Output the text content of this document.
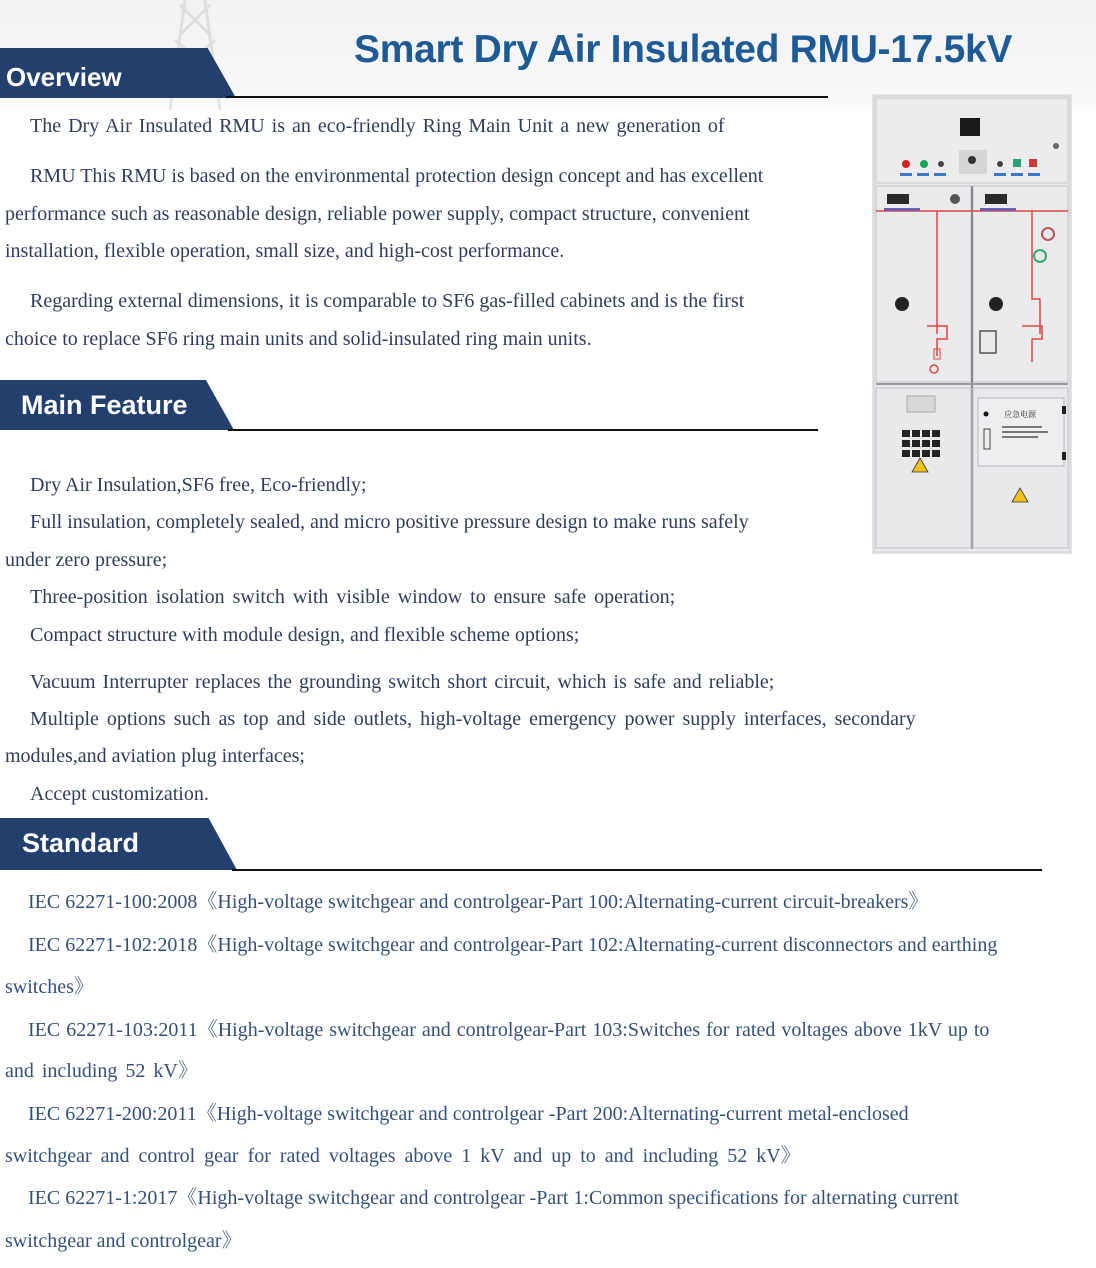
Smart Dry Air Insulated RMU-17.5kV
Overview
The Dry Air Insulated RMU is an eco-friendly Ring Main Unit a new generation of
RMU This RMU is based on the environmental protection design concept and has excellent
performance such as reasonable design, reliable power supply, compact structure, convenient
installation, flexible operation, small size, and high-cost performance.
Regarding external dimensions, it is comparable to SF6 gas-filled cabinets and is the first
choice to replace SF6 ring main units and solid-insulated ring main units.
Main Feature
Dry Air Insulation,SF6 free, Eco-friendly;
Full insulation, completely sealed, and micro positive pressure design to make runs safely
under zero pressure;
Three-position isolation switch with visible window to ensure safe operation;
Compact structure with module design, and flexible scheme options;
Vacuum Interrupter replaces the grounding switch short circuit, which is safe and reliable;
Multiple options such as top and side outlets, high-voltage emergency power supply interfaces, secondary
modules,and aviation plug interfaces;
Accept customization.
Standard
IEC 62271-100:2008《High-voltage switchgear and controlgear-Part 100:Alternating-current circuit-breakers》
IEC 62271-102:2018《High-voltage switchgear and controlgear-Part 102:Alternating-current disconnectors and earthing
switches》
IEC 62271-103:2011《High-voltage switchgear and controlgear-Part 103:Switches for rated voltages above 1kV up to
and including 52 kV》
IEC 62271-200:2011《High-voltage switchgear and controlgear -Part 200:Alternating-current metal-enclosed
switchgear and control gear for rated voltages above 1 kV and up to and including 52 kV》
IEC 62271-1:2017《High-voltage switchgear and controlgear -Part 1:Common specifications for alternating current
switchgear and controlgear》
应急电源
